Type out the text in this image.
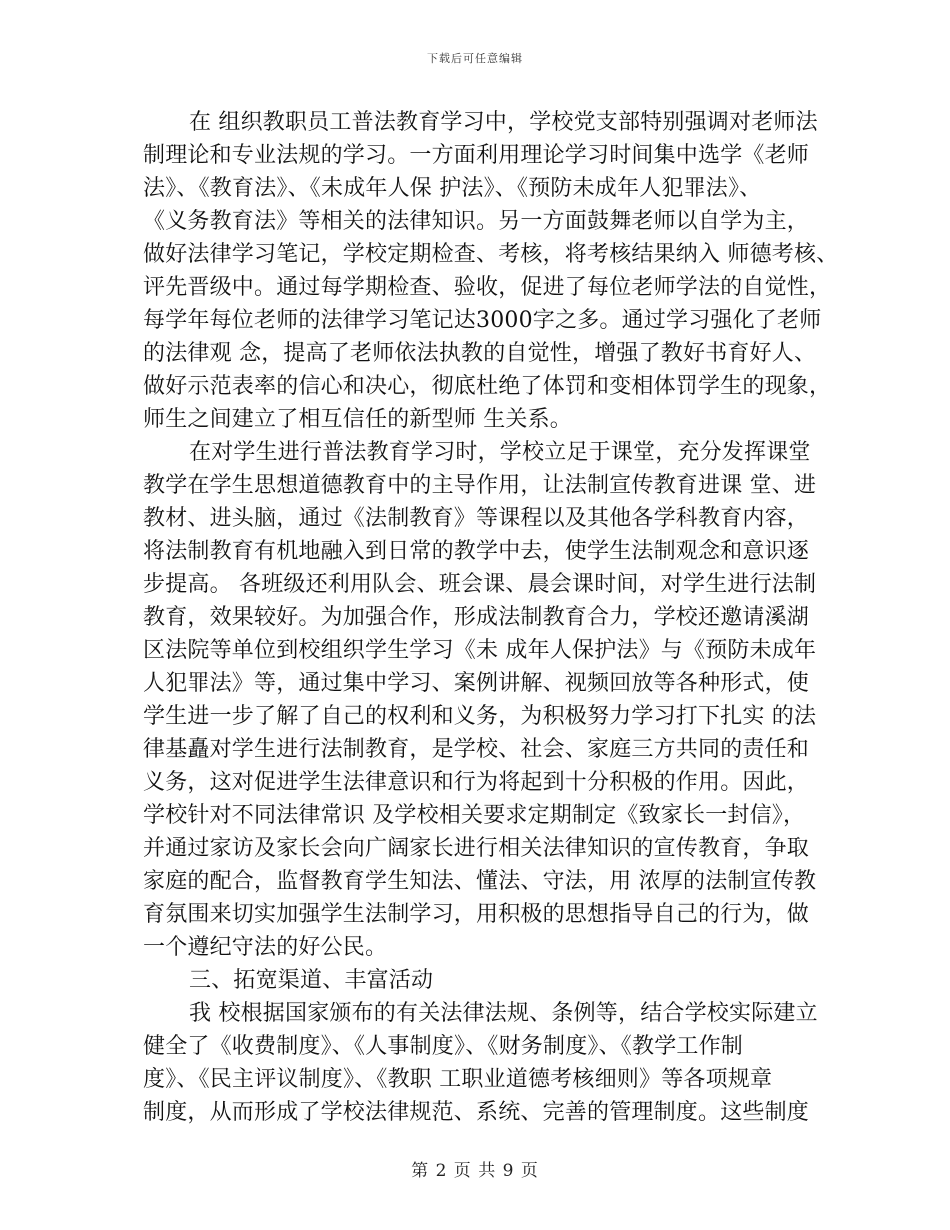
下载后可任意编辑
在 组织教职员工普法教育学习中，学校党支部特别强调对老师法
制理论和专业法规的学习。一方面利用理论学习时间集中选学《老师
法》、《教育法》、《未成年人保 护法》、《预防未成年人犯罪法》、
《义务教育法》等相关的法律知识。另一方面鼓舞老师以自学为主，
做好法律学习笔记，学校定期检查、考核，将考核结果纳入 师德考核、
评先晋级中。通过每学期检查、验收，促进了每位老师学法的自觉性，
每学年每位老师的法律学习笔记达3000字之多。通过学习强化了老师
的法律观 念，提高了老师依法执教的自觉性，增强了教好书育好人、
做好示范表率的信心和决心，彻底杜绝了体罚和变相体罚学生的现象，
师生之间建立了相互信任的新型师 生关系。
在对学生进行普法教育学习时，学校立足于课堂，充分发挥课堂
教学在学生思想道德教育中的主导作用，让法制宣传教育进课 堂、进
教材、进头脑，通过《法制教育》等课程以及其他各学科教育内容，
将法制教育有机地融入到日常的教学中去，使学生法制观念和意识逐
步提高。 各班级还利用队会、班会课、晨会课时间，对学生进行法制
教育，效果较好。为加强合作，形成法制教育合力，学校还邀请溪湖
区法院等单位到校组织学生学习《未 成年人保护法》与《预防未成年
人犯罪法》等，通过集中学习、案例讲解、视频回放等各种形式，使
学生进一步了解了自己的权利和义务，为积极努力学习打下扎实 的法
律基矗对学生进行法制教育，是学校、社会、家庭三方共同的责任和
义务，这对促进学生法律意识和行为将起到十分积极的作用。因此，
学校针对不同法律常识 及学校相关要求定期制定《致家长一封信》，
并通过家访及家长会向广阔家长进行相关法律知识的宣传教育，争取
家庭的配合，监督教育学生知法、懂法、守法，用 浓厚的法制宣传教
育氛围来切实加强学生法制学习，用积极的思想指导自己的行为，做
一个遵纪守法的好公民。
三、拓宽渠道、丰富活动
我 校根据国家颁布的有关法律法规、条例等，结合学校实际建立
健全了《收费制度》、《人事制度》、《财务制度》、《教学工作制
度》、《民主评议制度》、《教职 工职业道德考核细则》等各项规章
制度，从而形成了学校法律规范、系统、完善的管理制度。这些制度
第 2 页 共 9 页
